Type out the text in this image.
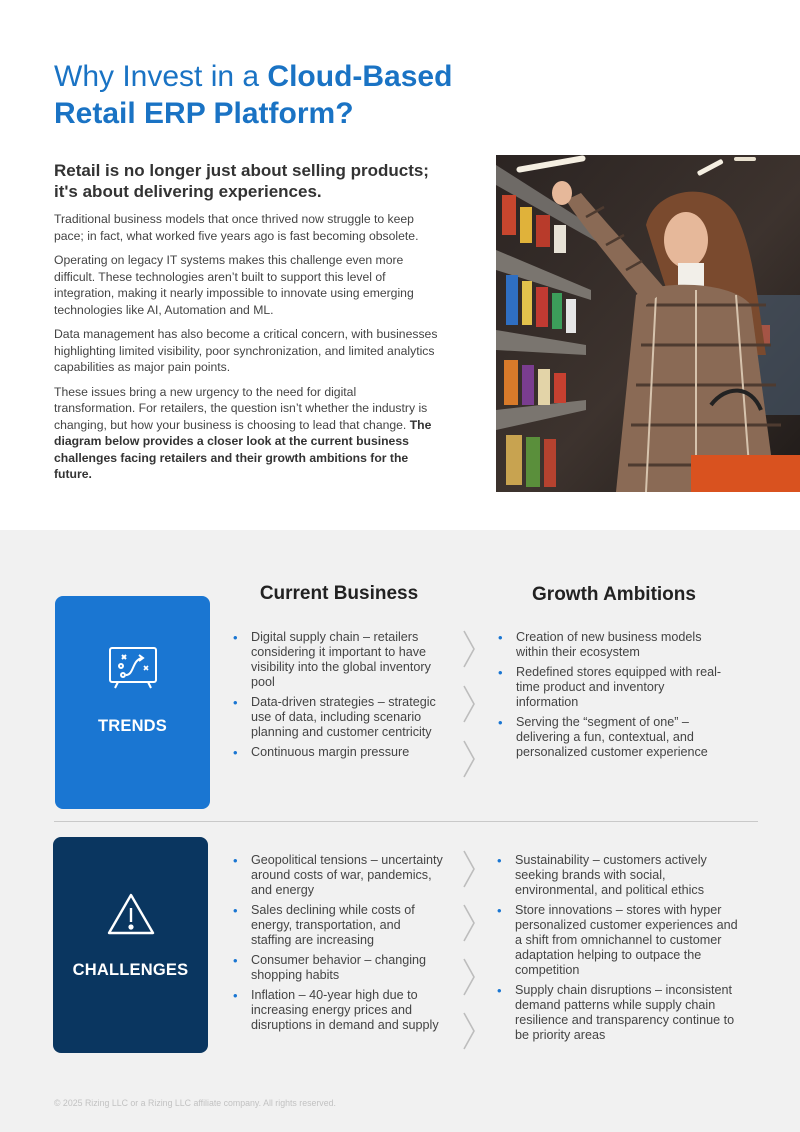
Why Invest in a Cloud-Based
Retail ERP Platform?
Retail is no longer just about selling products; it's about delivering experiences.

Traditional business models that once thrived now struggle to keep pace; in fact, what worked five years ago is fast becoming obsolete.

Operating on legacy IT systems makes this challenge even more difficult. These technologies aren’t built to support this level of integration, making it nearly impossible to innovate using emerging technologies like AI, Automation and ML.

Data management has also become a critical concern, with businesses highlighting limited visibility, poor synchronization, and limited analytics capabilities as major pain points.

These issues bring a new urgency to the need for digital transformation. For retailers, the question isn’t whether the industry is changing, but how your business is choosing to lead that change. The diagram below provides a closer look at the current business challenges facing retailers and their growth ambitions for the future.

Current Business	Growth Ambitions
TRENDS
• Digital supply chain – retailers considering it important to have visibility into the global inventory pool
• Data-driven strategies – strategic use of data, including scenario planning and customer centricity
• Continuous margin pressure
• Creation of new business models within their ecosystem
• Redefined stores equipped with real-time product and inventory information
• Serving the “segment of one” – delivering a fun, contextual, and personalized customer experience
CHALLENGES
• Geopolitical tensions – uncertainty around costs of war, pandemics, and energy
• Sales declining while costs of energy, transportation, and staffing are increasing
• Consumer behavior – changing shopping habits
• Inflation – 40-year high due to increasing energy prices and disruptions in demand and supply
• Sustainability – customers actively seeking brands with social, environmental, and political ethics
• Store innovations – stores with hyper personalized customer experiences and a shift from omnichannel to customer adaptation helping to outpace the competition
• Supply chain disruptions – inconsistent demand patterns while supply chain resilience and transparency continue to be priority areas
© 2025 Rizing LLC or a Rizing LLC affiliate company. All rights reserved.
